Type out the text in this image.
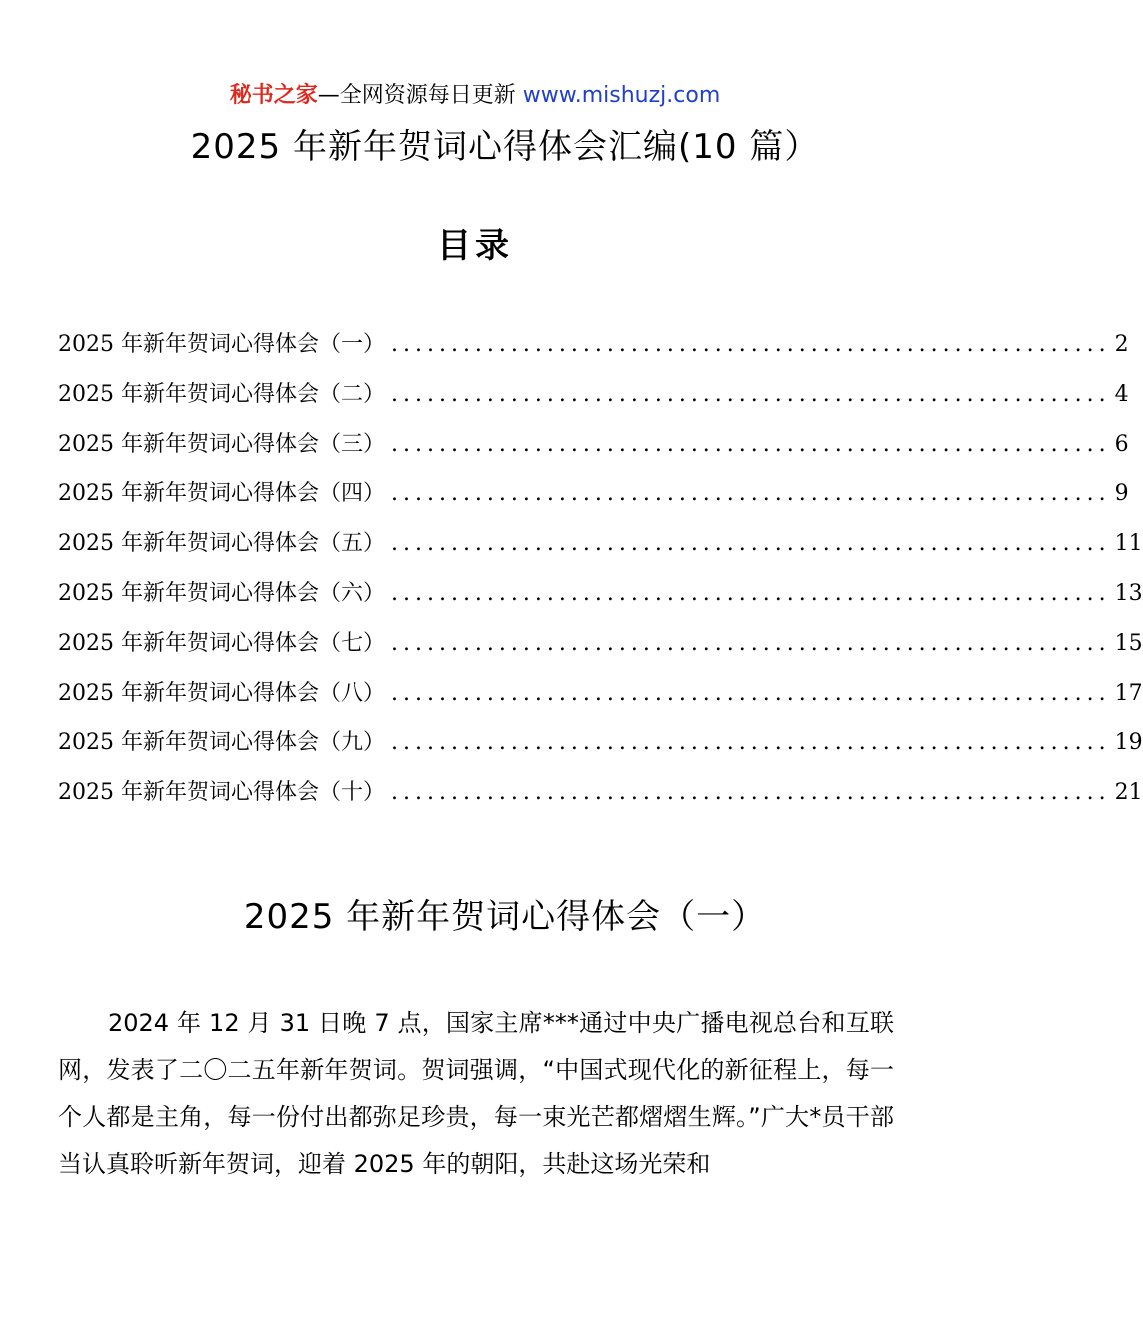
秘书之家—全网资源每日更新 www.mishuzj.com
2025 年新年贺词心得体会汇编(10 篇）
目录
2025 年新年贺词心得体会（一） ............................................................ 2
2025 年新年贺词心得体会（二） ............................................................ 4
2025 年新年贺词心得体会（三） ............................................................ 6
2025 年新年贺词心得体会（四） ............................................................ 9
2025 年新年贺词心得体会（五） ............................................................ 11
2025 年新年贺词心得体会（六） ............................................................ 13
2025 年新年贺词心得体会（七） ............................................................ 15
2025 年新年贺词心得体会（八） ............................................................ 17
2025 年新年贺词心得体会（九） ............................................................ 19
2025 年新年贺词心得体会（十） ............................................................ 21
2025 年新年贺词心得体会（一）

2024 年 12 月 31 日晚 7 点，国家主席***通过中央广播电视总台和互联网，发表了二〇二五年新年贺词。贺词强调，“中国式现代化的新征程上，每一个人都是主角，每一份付出都弥足珍贵，每一束光芒都熠熠生辉。”广大*员干部当认真聆听新年贺词，迎着 2025 年的朝阳，共赴这场光荣和
